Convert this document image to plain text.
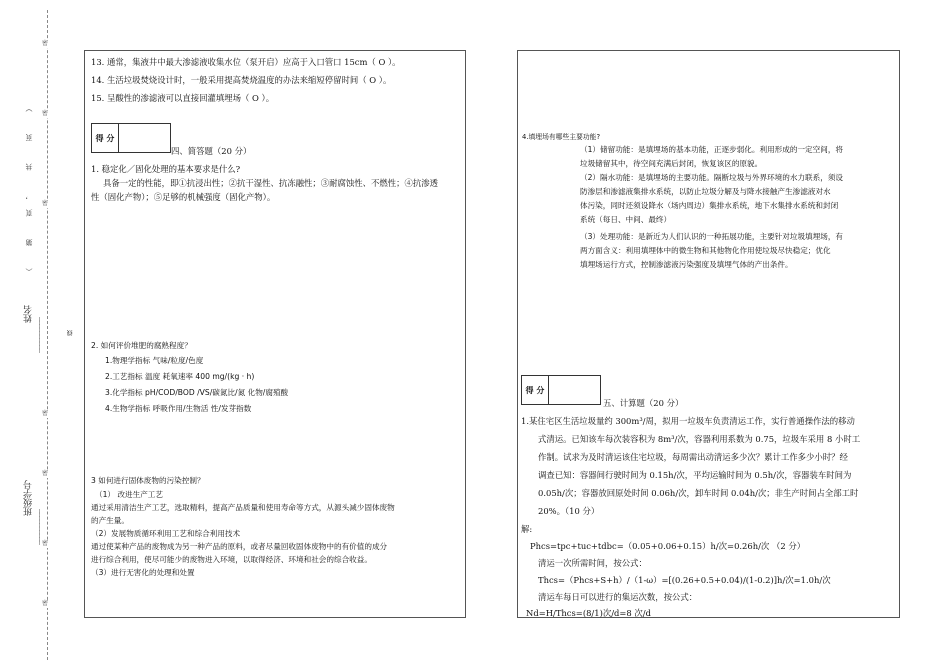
密
密
密
密
密
密
密
（ 第 页， 共 页 ）
姓名
__________
班级学号
__________
线
13. 通常，集液井中最大渗滤液收集水位（泵开启）应高于入口管口 15cm（ O ）。
14. 生活垃圾焚烧设计时，一般采用提高焚烧温度的办法来缩短停留时间（ O ）。
15. 呈酸性的渗滤液可以直接回灌填埋场（ O ）。
得 分
四、简答题（20 分）
1. 稳定化／固化处理的基本要求是什么?
具备一定的性能，即①抗浸出性；②抗干湿性、抗冻融性；③耐腐蚀性、不燃性；④抗渗透
性（固化产物）；⑤足够的机械强度（固化产物）。
2. 如何评价堆肥的腐熟程度？
1.物理学指标 气味/粒度/色度
2.工艺指标 温度 耗氧速率 400 mg/(kg · h)
3.化学指标 pH/COD/BOD /VS/碳氮比/氮 化物/腐殖酸
4.生物学指标 呼吸作用/生物活 性/发芽指数
3 如何进行固体废物的污染控制？
（1） 改进生产工艺
通过采用清洁生产工艺，选取精料，提高产品质量和使用寿命等方式，从源头减少固体废物
的产生量。
（2）发展物质循环利用工艺和综合利用技术
通过使某种产品的废物成为另一种产品的原料，或者尽量回收固体废物中的有价值的成分
进行综合利用，使尽可能少的废物进入环境，以取得经济、环境和社会的综合收益。
（3）进行无害化的处理和处置
4.填埋场有哪些主要功能?
（1）储留功能：是填埋场的基本功能，正逐步弱化。利用形成的一定空间，将
垃圾储留其中，待空间充满后封闭，恢复该区的原貌。
（2）隔水功能：是填埋场的主要功能。隔断垃圾与外界环境的水力联系，须设
防渗层和渗滤液集排水系统，以防止垃圾分解及与降水接触产生渗滤液对水
体污染，同时还须设降水（场内周边）集排水系统，地下水集排水系统和封闭
系统（每日、中间、最终）
（3）处理功能：是新近为人们认识的一种拓展功能，主要针对垃圾填埋场，有
两方面含义：利用填埋体中的微生物和其他物化作用使垃圾尽快稳定；优化
填埋场运行方式，控制渗滤液污染强度及填埋气体的产出条件。
得 分
五、计算题（20 分）
1.某住宅区生活垃圾量约 300m³/周，拟用一垃圾车负责清运工作，实行普通操作法的移动
式清运。已知该车每次装容积为 8m³/次，容器利用系数为 0.75，垃圾车采用 8 小时工
作制。试求为及时清运该住宅垃圾，每周需出动清运多少次？累计工作多少小时？经
调查已知：容器间行驶时间为 0.15h/次，平均运输时间为 0.5h/次，容器装车时间为
0.05h/次；容器放回原处时间 0.06h/次，卸车时间 0.04h/次；非生产时间占全部工时
20%。（10 分）
解:
Phcs=tpc+tuc+tdbc=（0.05+0.06+0.15）h/次=0.26h/次 （2 分）
清运一次所需时间，按公式：
Thcs=（Phcs+S+h）/（1-ω）=[(0.26+0.5+0.04)/(1-0.2)]h/次=1.0h/次
清运车每日可以进行的集运次数，按公式：
Nd=H/Thcs=(8/1)次/d=8 次/d
